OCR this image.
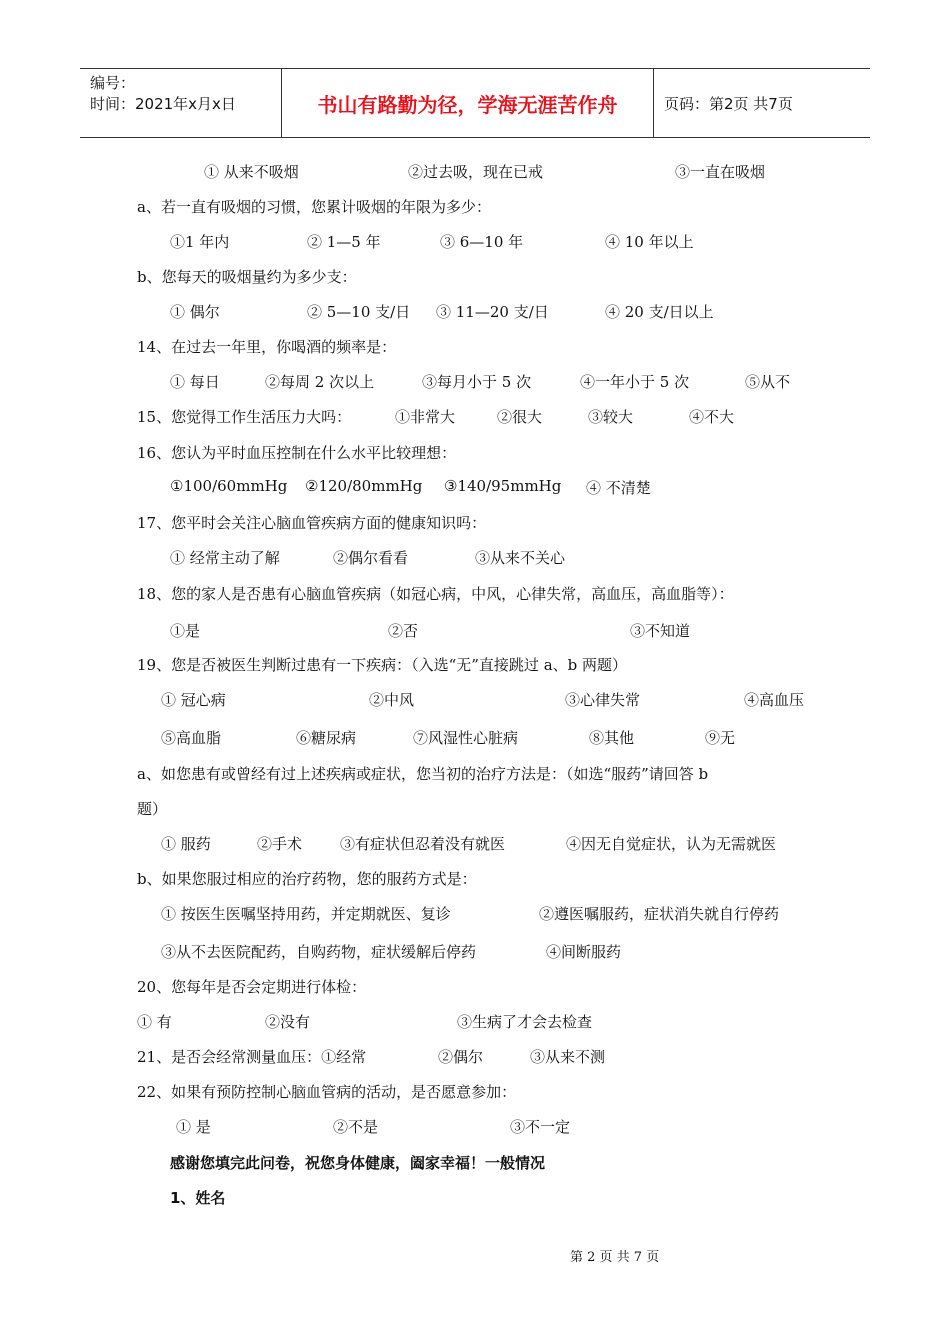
编号：
时间：2021年x月x日	书山有路勤为径，学海无涯苦作舟	页码：第2页 共7页
① 从来不吸烟	②过去吸，现在已戒	③一直在吸烟
a、若一直有吸烟的习惯，您累计吸烟的年限为多少：
①1 年内	② 1—5 年	③ 6—10 年	④ 10 年以上
b、您每天的吸烟量约为多少支：
① 偶尔	② 5—10 支/日 ③ 11—20 支/日	④ 20 支/日以上
14、在过去一年里，你喝酒的频率是：
① 每日	②每周 2 次以上	③每月小于 5 次	④一年小于 5 次	⑤从不
15、您觉得工作生活压力大吗：	①非常大	②很大	③较大	④不大
16、您认为平时血压控制在什么水平比较理想：
①100/60mmHg ②120/80mmHg ③140/95mmHg ④ 不清楚
17、您平时会关注心脑血管疾病方面的健康知识吗：
① 经常主动了解	②偶尔看看	③从来不关心
18、您的家人是否患有心脑血管疾病（如冠心病，中风，心律失常，高血压，高血脂等）：
①是	②否	③不知道
19、您是否被医生判断过患有一下疾病：（入选“无”直接跳过 a、b 两题）
① 冠心病	②中风	③心律失常	④高血压
⑤高血脂	⑥糖尿病	⑦风湿性心脏病	⑧其他	⑨无
a、如您患有或曾经有过上述疾病或症状，您当初的治疗方法是：（如选“服药”请回答 b
题）
① 服药	②手术	③有症状但忍着没有就医	④因无自觉症状，认为无需就医
b、如果您服过相应的治疗药物，您的服药方式是：
① 按医生医嘱坚持用药，并定期就医、复诊	②遵医嘱服药，症状消失就自行停药
③从不去医院配药，自购药物，症状缓解后停药	④间断服药
20、您每年是否会定期进行体检：
① 有	②没有	③生病了才会去检查
21、是否会经常测量血压：①经常	②偶尔	③从来不测
22、如果有预防控制心脑血管病的活动，是否愿意参加：
① 是	②不是	③不一定
感谢您填完此问卷，祝您身体健康，阖家幸福！一般情况
1、姓名
第 2 页 共 7 页
